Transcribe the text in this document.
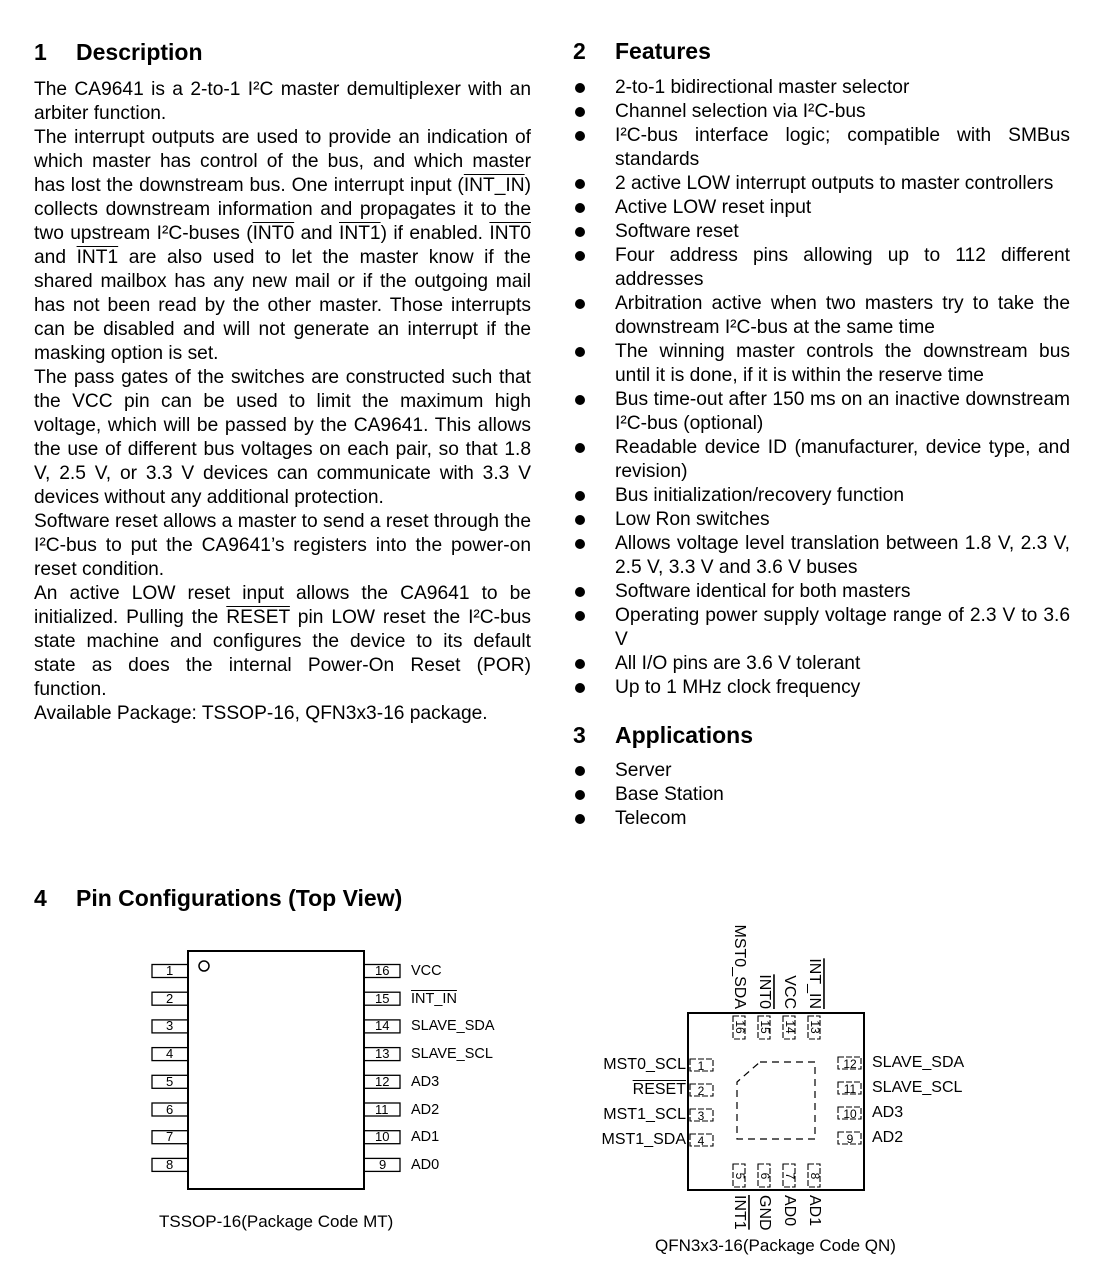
1 Description

The CA9641 is a 2-to-1 I²C master demultiplexer with an arbiter function.

The interrupt outputs are used to provide an indication of which master has control of the bus, and which master has lost the downstream bus. One interrupt input (INT_IN) collects downstream information and propagates it to the two upstream I²C-buses (INT0 and INT1) if enabled. INT0 and INT1 are also used to let the master know if the shared mailbox has any new mail or if the outgoing mail has not been read by the other master. Those interrupts can be disabled and will not generate an interrupt if the masking option is set.

The pass gates of the switches are constructed such that the VCC pin can be used to limit the maximum high voltage, which will be passed by the CA9641. This allows the use of different bus voltages on each pair, so that 1.8 V, 2.5 V, or 3.3 V devices can communicate with 3.3 V devices without any additional protection.

Software reset allows a master to send a reset through the I²C-bus to put the CA9641’s registers into the power-on reset condition.

An active LOW reset input allows the CA9641 to be initialized. Pulling the RESET pin LOW reset the I²C-bus state machine and configures the device to its default state as does the internal Power-On Reset (POR) function.

Available Package: TSSOP-16, QFN3x3-16 package.

2 Features
2-to-1 bidirectional master selector
Channel selection via I²C-bus
I²C-bus interface logic; compatible with SMBus standards
2 active LOW interrupt outputs to master controllers
Active LOW reset input
Software reset
Four address pins allowing up to 112 different addresses
Arbitration active when two masters try to take the downstream I²C-bus at the same time
The winning master controls the downstream bus until it is done, if it is within the reserve time
Bus time-out after 150 ms on an inactive downstream I²C-bus (optional)
Readable device ID (manufacturer, device type, and revision)
Bus initialization/recovery function
Low Ron switches
Allows voltage level translation between 1.8 V, 2.3 V, 2.5 V, 3.3 V and 3.6 V buses
Software identical for both masters
Operating power supply voltage range of 2.3 V to 3.6 V
All I/O pins are 3.6 V tolerant
Up to 1 MHz clock frequency
3 Applications
Server
Base Station
Telecom
4 Pin Configurations (Top View)
1
2
3
4
5
6
7
8
16 VCC
15 INT_IN
14 SLAVE_SDA
13 SLAVE_SCL
12 AD3
11 AD2
10 AD1
9 AD0
TSSOP-16(Package Code MT)
1
2
3
4
12
11
10
9
16
MST0_SDA
15
INT0
14
VCC
13
INT_IN
5
INT1
6
GND
7
AD0
8
AD1
MST0_SCL
RESET
MST1_SCL
MST1_SDA
SLAVE_SDA
SLAVE_SCL
AD3
AD2
QFN3x3-16(Package Code QN)
